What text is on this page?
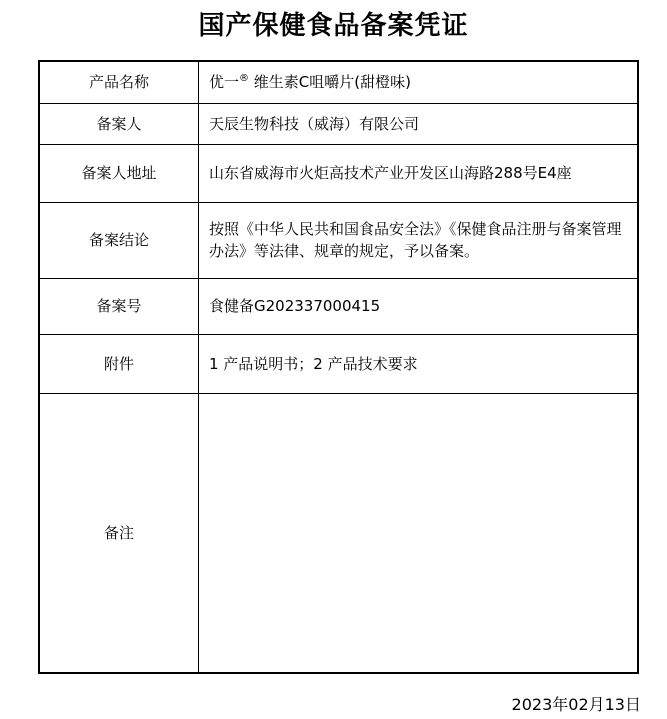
国产保健食品备案凭证
产品名称	优一® 维生素C咀嚼片(甜橙味)
备案人	天辰生物科技（威海）有限公司
备案人地址	山东省威海市火炬高技术产业开发区山海路288号E4座
备案结论	按照《中华人民共和国食品安全法》《保健食品注册与备案管理办法》等法律、规章的规定，予以备案。
备案号	食健备G202337000415
附件	1 产品说明书；2 产品技术要求
备注	
2023年02月13日
